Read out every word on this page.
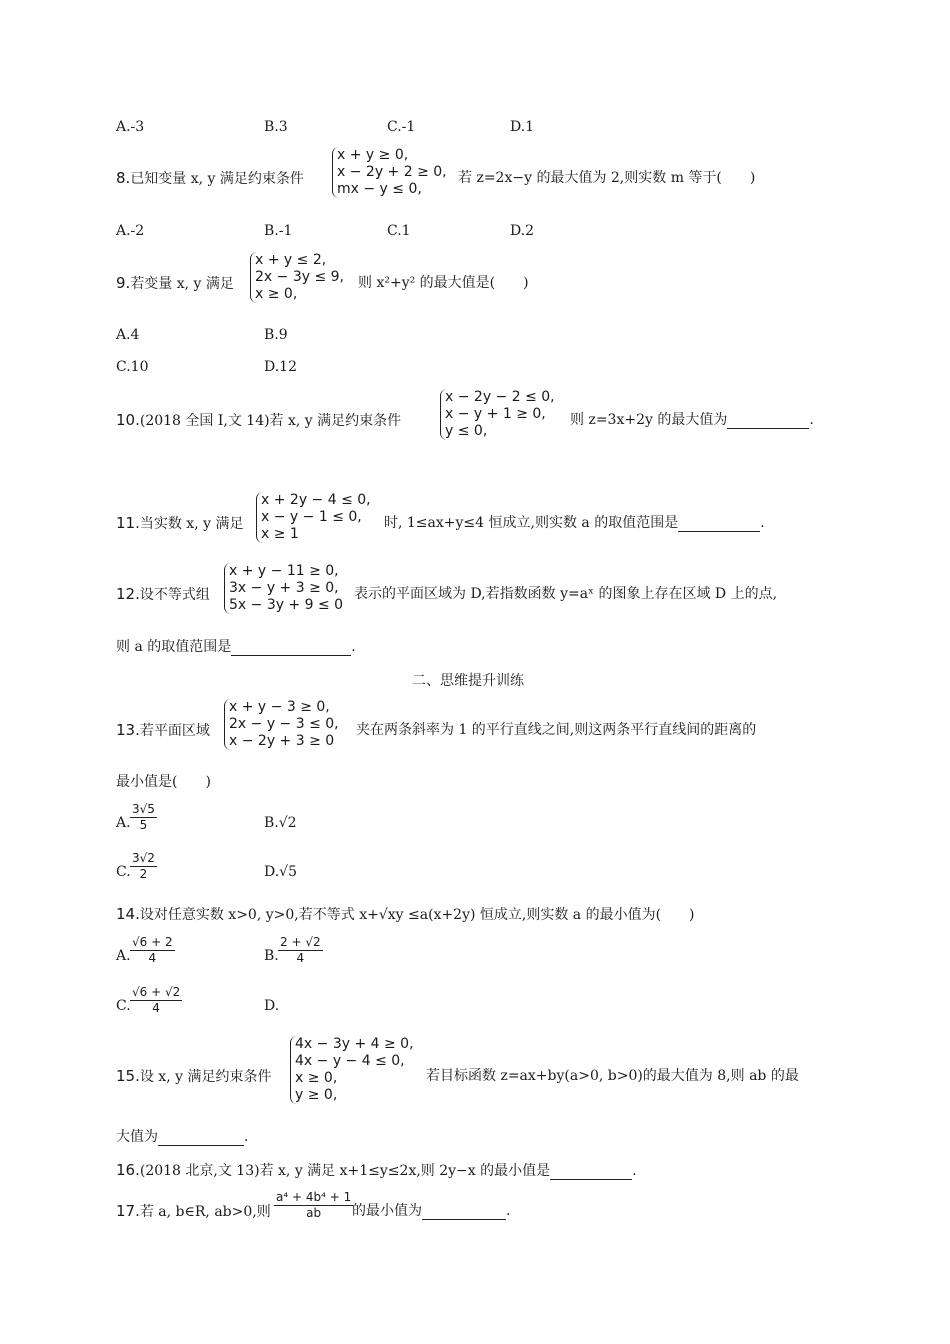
A.-3	B.3	C.-1	D.1
8.已知变量 x, y 满足约束条件
x + y ≥ 0,
x − 2y + 2 ≥ 0,
mx − y ≤ 0,
若 z=2x−y 的最大值为 2,则实数 m 等于(　　)
A.-2	B.-1	C.1	D.2
9.若变量 x, y 满足
x + y ≤ 2,
2x − 3y ≤ 9,
x ≥ 0,
则 x²+y² 的最大值是(　　)
A.4	B.9
C.10	D.12
10.(2018 全国 Ⅰ,文 14)若 x, y 满足约束条件
x − 2y − 2 ≤ 0,
x − y + 1 ≥ 0,
y ≤ 0,
则 z=3x+2y 的最大值为	.
11.当实数 x, y 满足
x + 2y − 4 ≤ 0,
x − y − 1 ≤ 0,
x ≥ 1
时, 1≤ax+y≤4 恒成立,则实数 a 的取值范围是	.
12.设不等式组
x + y − 11 ≥ 0,
3x − y + 3 ≥ 0,
5x − 3y + 9 ≤ 0
表示的平面区域为 D,若指数函数 y=aˣ 的图象上存在区域 D 上的点,
则 a 的取值范围是	.
二、思维提升训练
13.若平面区域
x + y − 3 ≥ 0,
2x − y − 3 ≤ 0,
x − 2y + 3 ≥ 0
夹在两条斜率为 1 的平行直线之间,则这两条平行直线间的距离的
最小值是(　　)
A. $\frac{3√5}{5}$	B.√2
C. $\frac{3√2}{2}$	D.√5
14.设对任意实数 x>0, y>0,若不等式 x+√xy ≤a(x+2y) 恒成立,则实数 a 的最小值为(　　)
A. $\frac{√6 + 2}{4}$	B. $\frac{2 + √2}{4}$
C. $\frac{√6 + √2}{4}$	D.
15.设 x, y 满足约束条件
4x − 3y + 4 ≥ 0,
4x − y − 4 ≤ 0,
x ≥ 0,
y ≥ 0,
若目标函数 z=ax+by(a>0, b>0)的最大值为 8,则 ab 的最
大值为	.
16.(2018 北京,文 13)若 x, y 满足 x+1≤y≤2x,则 2y−x 的最小值是	.
17.若 a, b∈R, ab>0,则 $\frac{\text{a⁴ + 4b⁴ + 1}}{ab}$
的最小值为	.
